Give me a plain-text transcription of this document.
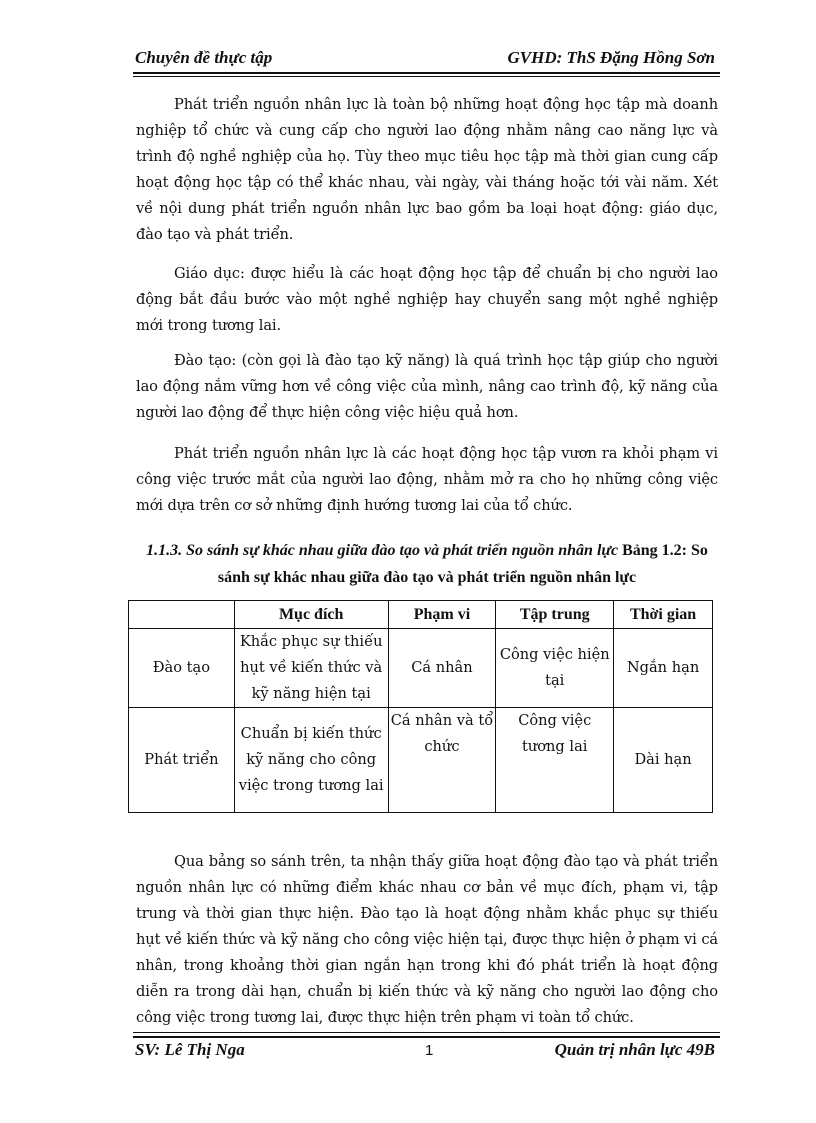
Chuyên đề thực tập	GVHD: ThS Đặng Hồng Sơn

Phát triển nguồn nhân lực là toàn bộ những hoạt động học tập mà doanh nghiệp tổ chức và cung cấp cho người lao động nhằm nâng cao năng lực và trình độ nghề nghiệp của họ. Tùy theo mục tiêu học tập mà thời gian cung cấp hoạt động học tập có thể khác nhau, vài ngày, vài tháng hoặc tới vài năm. Xét về nội dung phát triển nguồn nhân lực bao gồm ba loại hoạt động: giáo dục, đào tạo và phát triển.

Giáo dục: được hiểu là các hoạt động học tập để chuẩn bị cho người lao động bắt đầu bước vào một nghề nghiệp hay chuyển sang một nghề nghiệp mới trong tương lai.

Đào tạo: (còn gọi là đào tạo kỹ năng) là quá trình học tập giúp cho người lao động nắm vững hơn về công việc của mình, nâng cao trình độ, kỹ năng của người lao động để thực hiện công việc hiệu quả hơn.

Phát triển nguồn nhân lực là các hoạt động học tập vươn ra khỏi phạm vi công việc trước mắt của người lao động, nhằm mở ra cho họ những công việc mới dựa trên cơ sở những định hướng tương lai của tổ chức.

1.1.3. So sánh sự khác nhau giữa đào tạo và phát triển nguồn nhân lực Bảng 1.2: So sánh sự khác nhau giữa đào tạo và phát triển nguồn nhân lực

	Mục đích	Phạm vi	Tập trung	Thời gian
Đào tạo	Khắc phục sự thiếu hụt về kiến thức và kỹ năng hiện tại	Cá nhân	Công việc hiện tại	Ngắn hạn
Phát triển	Chuẩn bị kiến thức kỹ năng cho công việc trong tương lai	Cá nhân và tổ chức	Công việc tương lai	Dài hạn

Qua bảng so sánh trên, ta nhận thấy giữa hoạt động đào tạo và phát triển nguồn nhân lực có những điểm khác nhau cơ bản về mục đích, phạm vi, tập trung và thời gian thực hiện. Đào tạo là hoạt động nhằm khắc phục sự thiếu hụt về kiến thức và kỹ năng cho công việc hiện tại, được thực hiện ở phạm vi cá nhân, trong khoảng thời gian ngắn hạn trong khi đó phát triển là hoạt động diễn ra trong dài hạn, chuẩn bị kiến thức và kỹ năng cho người lao động cho công việc trong tương lai, được thực hiện trên phạm vi toàn tổ chức.

SV: Lê Thị Nga	1	Quản trị nhân lực 49B
